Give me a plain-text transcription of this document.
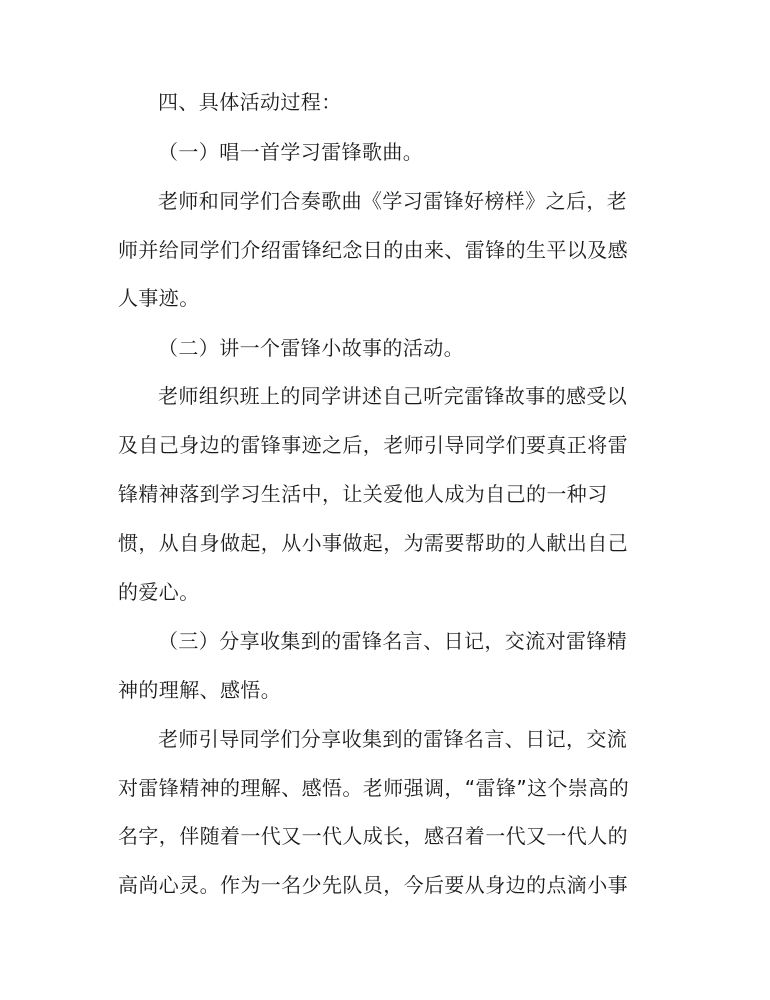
四、具体活动过程：
（一）唱一首学习雷锋歌曲。
老师和同学们合奏歌曲《学习雷锋好榜样》之后，老
师并给同学们介绍雷锋纪念日的由来、雷锋的生平以及感
人事迹。
（二）讲一个雷锋小故事的活动。
老师组织班上的同学讲述自己听完雷锋故事的感受以
及自己身边的雷锋事迹之后，老师引导同学们要真正将雷
锋精神落到学习生活中，让关爱他人成为自己的一种习
惯，从自身做起，从小事做起，为需要帮助的人献出自己
的爱心。
（三）分享收集到的雷锋名言、日记，交流对雷锋精
神的理解、感悟。
老师引导同学们分享收集到的雷锋名言、日记，交流
对雷锋精神的理解、感悟。老师强调，“雷锋”这个崇高的
名字，伴随着一代又一代人成长，感召着一代又一代人的
高尚心灵。作为一名少先队员，今后要从身边的点滴小事
